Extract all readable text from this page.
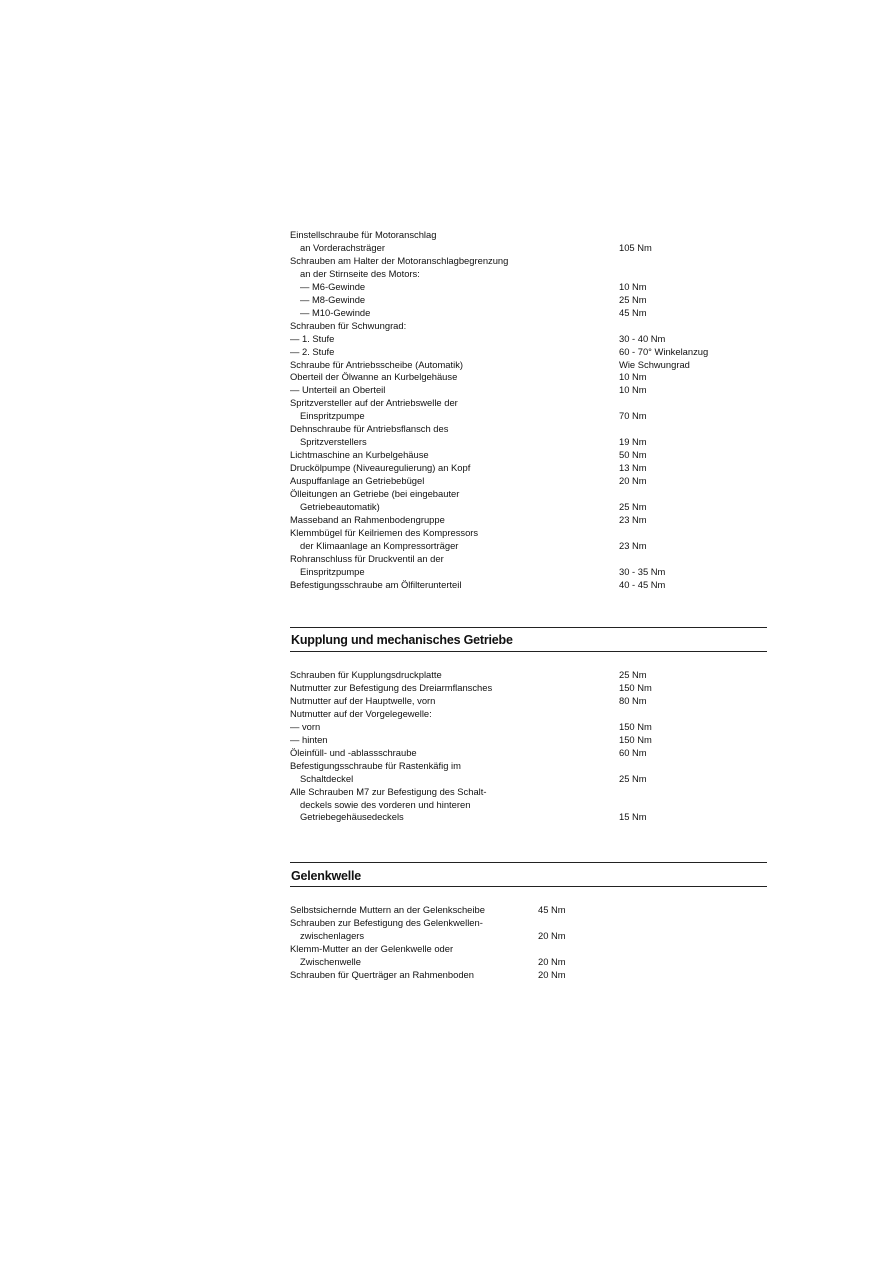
Einstellschraube für Motoranschlag
an Vorderachsträger	105 Nm
Schrauben am Halter der Motoranschlagbegrenzung
an der Stirnseite des Motors:
— M6-Gewinde	10 Nm
— M8-Gewinde	25 Nm
— M10-Gewinde	45 Nm
Schrauben für Schwungrad:
— 1. Stufe	30 - 40 Nm
— 2. Stufe	60 - 70° Winkelanzug
Schraube für Antriebsscheibe (Automatik)	Wie Schwungrad
Oberteil der Ölwanne an Kurbelgehäuse	10 Nm
— Unterteil an Oberteil	10 Nm
Spritzversteller auf der Antriebswelle der
Einspritzpumpe	70 Nm
Dehnschraube für Antriebsflansch des
Spritzverstellers	19 Nm
Lichtmaschine an Kurbelgehäuse	50 Nm
Druckölpumpe (Niveauregulierung) an Kopf	13 Nm
Auspuffanlage an Getriebebügel	20 Nm
Ölleitungen an Getriebe (bei eingebauter
Getriebeautomatik)	25 Nm
Masseband an Rahmenbodengruppe	23 Nm
Klemmbügel für Keilriemen des Kompressors
der Klimaanlage an Kompressorträger	23 Nm
Rohranschluss für Druckventil an der
Einspritzpumpe	30 - 35 Nm
Befestigungsschraube am Ölfilterunterteil	40 - 45 Nm
Kupplung und mechanisches Getriebe
Schrauben für Kupplungsdruckplatte	25 Nm
Nutmutter zur Befestigung des Dreiarmflansches	150 Nm
Nutmutter auf der Hauptwelle, vorn	80 Nm
Nutmutter auf der Vorgelegewelle:
— vorn	150 Nm
— hinten	150 Nm
Öleinfüll- und -ablassschraube	60 Nm
Befestigungsschraube für Rastenkäfig im
Schaltdeckel	25 Nm
Alle Schrauben M7 zur Befestigung des Schalt-
deckels sowie des vorderen und hinteren
Getriebegehäusedeckels	15 Nm
Gelenkwelle
Selbstsichernde Muttern an der Gelenkscheibe	45 Nm
Schrauben zur Befestigung des Gelenkwellen-
zwischenlagers	20 Nm
Klemm-Mutter an der Gelenkwelle oder
Zwischenwelle	20 Nm
Schrauben für Querträger an Rahmenboden	20 Nm
